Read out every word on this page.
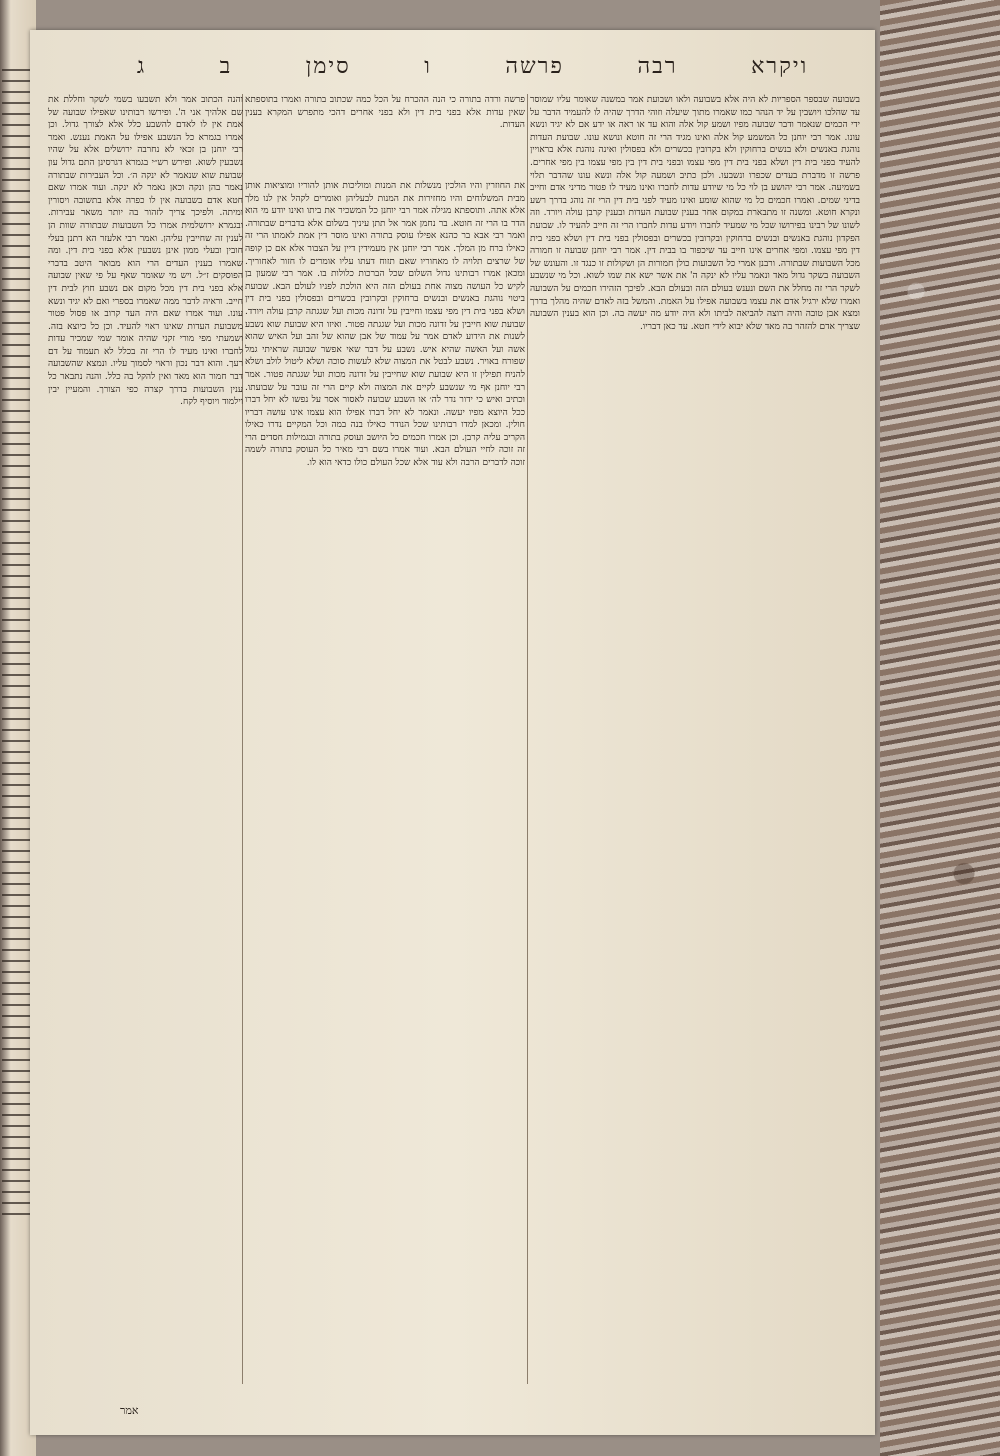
ויקרא
רבה
פרשה
ו
סימן
ב
ג

בשבועה שבספר הספריות לא היה אלא בשבועה ולאו ושבועת אמר במשנה שאומר עליו שמוסר עד שהלכו ויושבין על יד הנהר כמו שאמרו מתוך שיעלה וזוהי הדרך שהיה לו להעמיד הדבר על ידי הכמים שנאמר ודבר שבועה מפיו ושמע קול אלה והוא עד או ראה או ידע אם לא יגיד ונשא עונו. אמר רבי יוחנן כל המשמע קול אלה ואינו מגיד הרי זה חוטא ונושא עונו. שבועת העדות נוהגת באנשים ולא בנשים ברחוקין ולא בקרובין בכשרים ולא בפסולין ואינה נוהגת אלא בראויין להעיד בפני בית דין ושלא בפני בית דין מפי עצמו ובפני בית דין בין מפי עצמו בין מפי אחרים. פרשה זו מדברת בעדים שכפרו ונשבעו. ולכן כתיב ושמעה קול אלה ונשא עונו שהדבר תלוי בשמיעה. אמר רבי יהושע בן לוי כל מי שיודע עדות לחברו ואינו מעיד לו פטור מדיני אדם וחייב בדיני שמים. ואמרו חכמים כל מי שהוא שומע ואינו מעיד לפני בית דין הרי זה נוהג בדרך רשע ונקרא חוטא. ומשנה זו מתבארת במקום אחר בענין שבועת העדות ובענין קרבן עולה ויורד. וזה לשונו של רבינו בפירושו שכל מי שמעיד לחברו ויודע עדות לחברו הרי זה חייב להעיד לו. שבועת הפקדון נוהגת באנשים ובנשים ברחוקין ובקרובין בכשרים ובפסולין בפני בית דין ושלא בפני בית דין מפי עצמו. ומפי אחרים אינו חייב עד שיכפור בו בבית דין. אמר רבי יוחנן שבועה זו חמורה מכל השבועות שבתורה. ורבנן אמרי כל השבועות כולן חמורות הן ושקולות זו כנגד זו. והעונש של השבועה בשקר גדול מאד ונאמר עליו לא ינקה ה' את אשר ישא את שמו לשוא. וכל מי שנשבע לשקר הרי זה מחלל את השם ונענש בעולם הזה ובעולם הבא. לפיכך הזהירו חכמים על השבועה ואמרו שלא ירגיל אדם את עצמו בשבועה אפילו על האמת. והמשל בזה לאדם שהיה מהלך בדרך ומצא אבן טובה והיה רוצה להביאה לביתו ולא היה יודע מה יעשה בה. וכן הוא בענין השבועה שצריך אדם להזהר בה מאד שלא יבוא לידי חטא. עד כאן דבריו.

פרשה ורדה בתורה כי הנה ההכרח על הכל כמה שכתוב בתורה ואמרו בתוספתא שאין עדות אלא בפני בית דין ולא בפני אחרים דהכי מתפרש המקרא בענין העדות.

את החוזרין והיו הולכין מנשלות את המנות ומוליכות אותן להוריו ומוציאות אותן מבית המשלוחים והיו מחזירות את המנות לבעליהן ואומרים לקהל אין לנו מלך אלא אתה. ותוספתא מגילה אמר רבי יוחנן כל המשכיר את ביתו ואינו יודע מי הוא הדר בו הרי זה חוטא. בר נחמן אמר אל תתן עיניך בשלום אלא בדברים שבתורה. ואמר רבי אבא בר כהנא אפילו עוסק בתורה ואינו מוסר דין אמת לאמתו הרי זה כאילו ברח מן המלך. אמר רבי יוחנן אין מעמידין דיין על הצבור אלא אם כן קופה של שרצים תלויה לו מאחוריו שאם תזוח דעתו עליו אומרים לו חזור לאחוריך. ומכאן אמרו רבותינו גדול השלום שכל הברכות כלולות בו. אמר רבי שמעון בן לקיש כל העושה מצוה אחת בעולם הזה היא הולכת לפניו לעולם הבא. שבועת ביטוי נוהגת באנשים ובנשים ברחוקין ובקרובין בכשרים ובפסולין בפני בית דין ושלא בפני בית דין מפי עצמו וחייבין על זדונה מכות ועל שגגתה קרבן עולה ויורד. שבועת שוא חייבין על זדונה מכות ועל שגגתה פטור. ואיזו היא שבועת שוא נשבע לשנות את הידוע לאדם אמר על עמוד של אבן שהוא של זהב ועל האיש שהוא אשה ועל האשה שהיא איש. נשבע על דבר שאי אפשר שבועה שראיתי גמל שפורח באויר. נשבע לבטל את המצוה שלא לעשות סוכה ושלא ליטול לולב ושלא להניח תפילין זו היא שבועת שוא שחייבין על זדונה מכות ועל שגגתה פטור. אמר רבי יוחנן אף מי שנשבע לקיים את המצוה ולא קיים הרי זה עובר על שבועתו. וכתיב ואיש כי ידור נדר לה׳ או השבע שבועה לאסור אסר על נפשו לא יחל דברו ככל היוצא מפיו יעשה. ונאמר לא יחל דברו אפילו הוא עצמו אינו עושה דבריו חולין. ומכאן למדו רבותינו שכל הנודר כאילו בנה במה וכל המקיים נדרו כאילו הקריב עליה קרבן. וכן אמרו חכמים כל היושב ועוסק בתורה ובגמילות חסדים הרי זה זוכה לחיי העולם הבא. ועוד אמרו בשם רבי מאיר כל העוסק בתורה לשמה זוכה לדברים הרבה ולא עוד אלא שכל העולם כולו כדאי הוא לו.

והנה הכתוב אמר ולא תשבעו בשמי לשקר וחללת את שם אלהיך אני ה'. ופירשו רבותינו שאפילו שבועה של אמת אין לו לאדם להשבע כלל אלא לצורך גדול. וכן אמרו בגמרא כל הנשבע אפילו על האמת נענש. ואמר רבי יוחנן בן זכאי לא נחרבה ירושלים אלא על שהיו נשבעין לשוא. ופירש רש״י בגמרא דגרסינן התם גדול עון שבועת שוא שנאמר לא ינקה ה׳. וכל העבירות שבתורה נאמר בהן ונקה וכאן נאמר לא ינקה. ועוד אמרו שאם חטא אדם בשבועה אין לו כפרה אלא בתשובה ויסורין ומיתה. ולפיכך צריך לזהור בה יותר משאר עבירות. ובגמרא ירושלמית אמרו כל השבועות שבתורה שוות הן לענין זה שחייבין עליהן. ואמר רבי אלעזר הא דתנן בעלי חובין ובעלי ממון אינן נשבעין אלא בפני בית דין. ומה שאמרו בענין העדים הרי הוא מבואר היטב בדברי הפוסקים ז״ל. ויש מי שאומר שאף על פי שאין שבועה אלא בפני בית דין מכל מקום אם נשבע חוץ לבית דין חייב. וראיה לדבר ממה שאמרו בספרי ואם לא יגיד ונשא עונו. ועוד אמרו שאם היה העד קרוב או פסול פטור משבועת העדות שאינו ראוי להעיד. וכן כל כיוצא בזה. ושמעתי מפי מורי זקני שהיה אומר שמי שמכיר עדות לחברו ואינו מעיד לו הרי זה בכלל לא תעמוד על דם רעך. והוא דבר נכון וראוי לסמוך עליו. ונמצא שהשבועה דבר חמור הוא מאד ואין להקל בה כלל. והנה נתבאר כל ענין השבועות בדרך קצרה כפי הצורך. והמעיין יבין וילמוד ויוסיף לקח.

אמר
